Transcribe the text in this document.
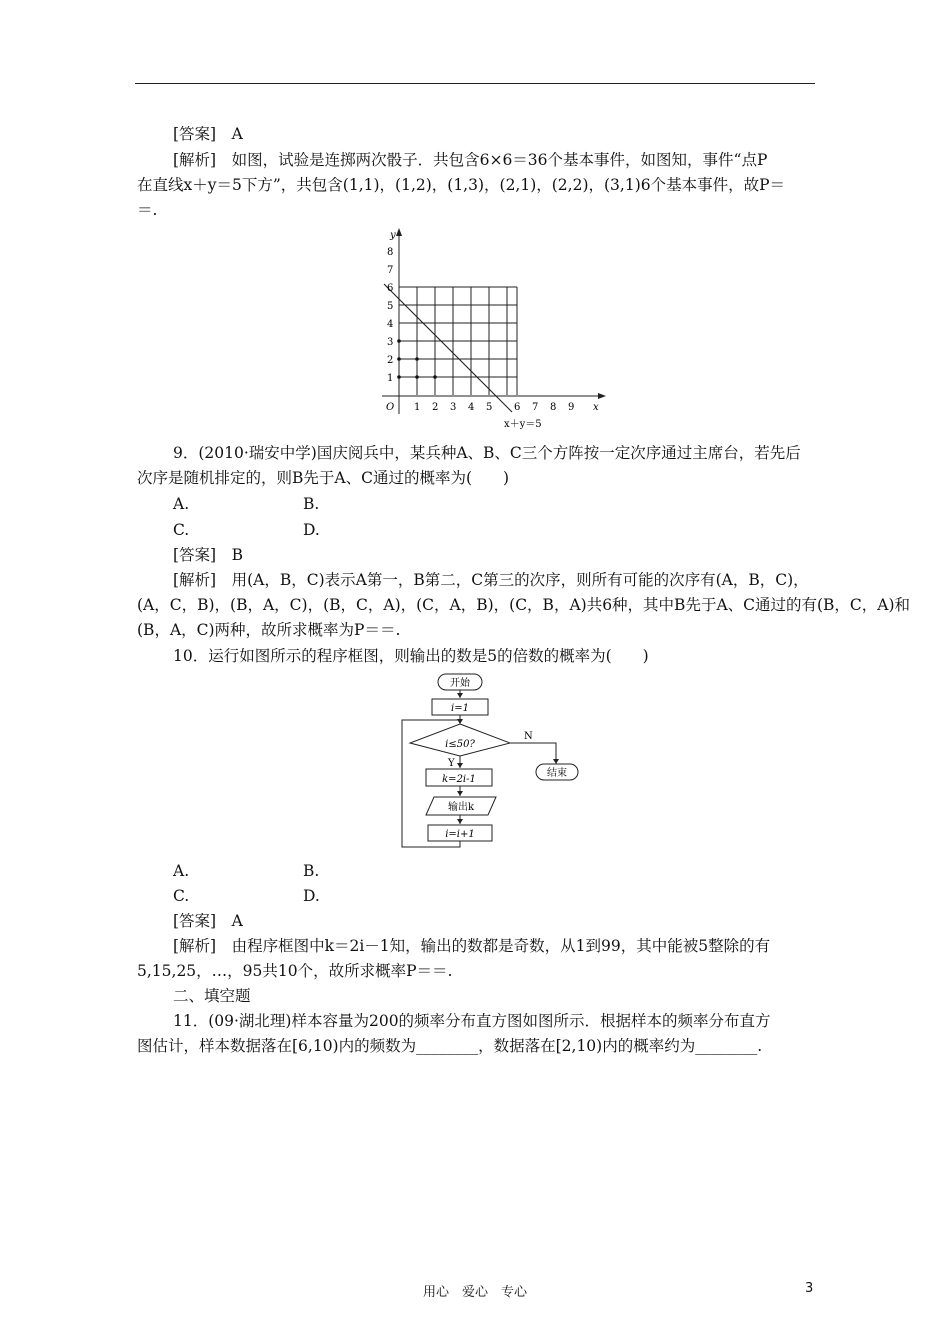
[答案]　A
[解析]　如图，试验是连掷两次骰子．共包含6×6＝36个基本事件，如图知，事件“点P
在直线x＋y＝5下方”，共包含(1,1)，(1,2)，(1,3)，(2,1)，(2,2)，(3,1)6个基本事件，故P＝
＝.
y
x
O
1
2
3
4
5
6
7
8
1 2 3 4 5 6 7 8 9
x＋y＝5
9．(2010·瑞安中学)国庆阅兵中，某兵种A、B、C三个方阵按一定次序通过主席台，若先后
次序是随机排定的，则B先于A、C通过的概率为(　　)
A.	B.
C.	D.
[答案]　B
[解析]　用(A，B，C)表示A第一，B第二，C第三的次序，则所有可能的次序有(A，B，C)，
(A，C，B)，(B，A，C)，(B，C，A)，(C，A，B)，(C，B，A)共6种，其中B先于A、C通过的有(B，C，A)和
(B，A，C)两种，故所求概率为P＝＝.
10．运行如图所示的程序框图，则输出的数是5的倍数的概率为(　　)
开始
i=1
i≤50?
N
Y
结束
k=2i-1
输出k
i=i+1
A.	B.
C.	D.
[答案]　A
[解析]　由程序框图中k＝2i－1知，输出的数都是奇数，从1到99，其中能被5整除的有
5,15,25，…，95共10个，故所求概率P＝＝.
二、填空题
11．(09·湖北理)样本容量为200的频率分布直方图如图所示．根据样本的频率分布直方
图估计，样本数据落在[6,10)内的频数为________，数据落在[2,10)内的概率约为________.
用心　爱心　专心	3
